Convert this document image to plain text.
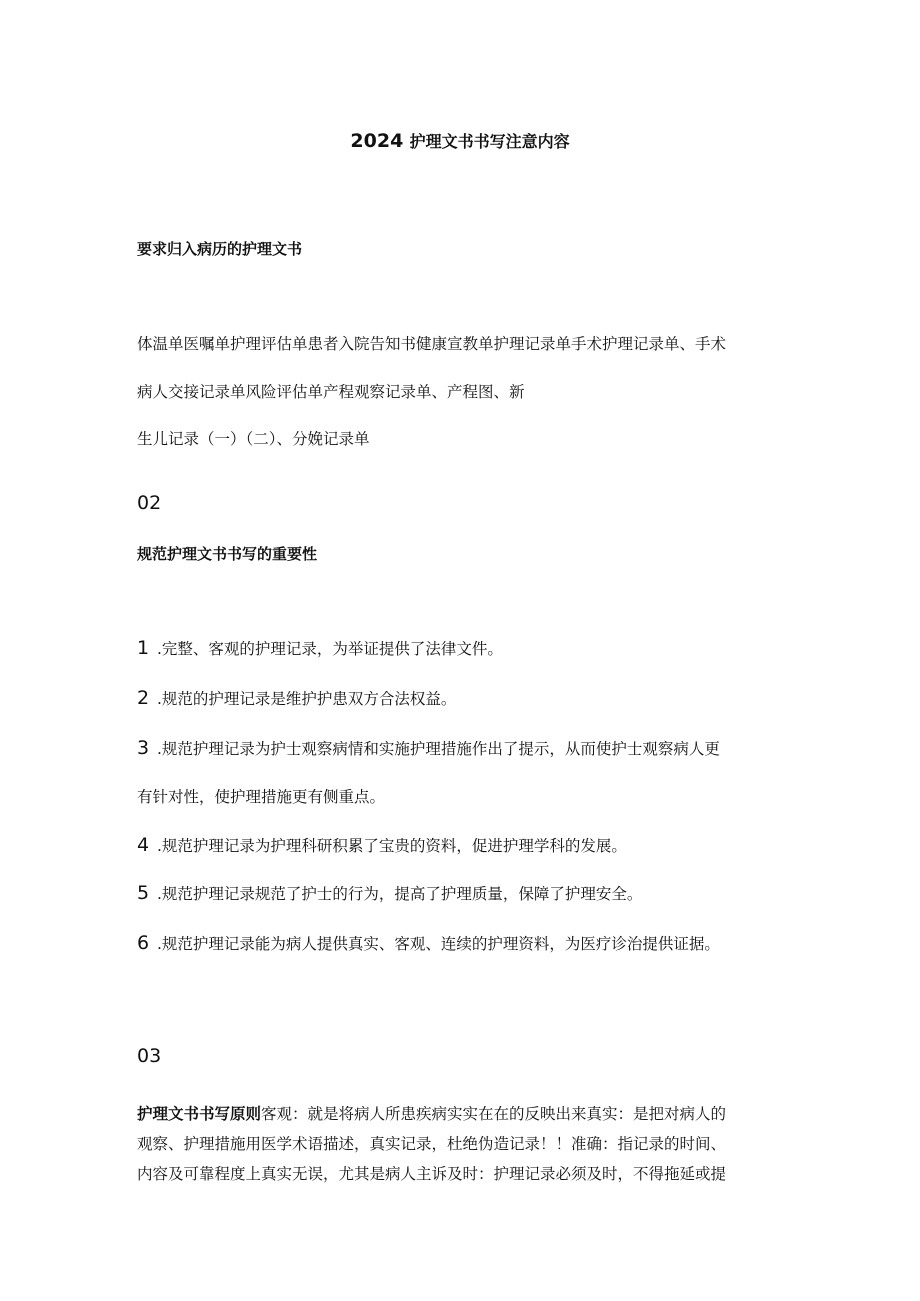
2024 护理文书书写注意内容
要求归入病历的护理文书
体温单医嘱单护理评估单患者入院告知书健康宣教单护理记录单手术护理记录单、手术
病人交接记录单风险评估单产程观察记录单、产程图、新
生儿记录（一）（二）、分娩记录单
02
规范护理文书书写的重要性
1 .完整、客观的护理记录，为举证提供了法律文件。
2 .规范的护理记录是维护护患双方合法权益。
3 .规范护理记录为护士观察病情和实施护理措施作出了提示，从而使护士观察病人更
有针对性，使护理措施更有侧重点。
4 .规范护理记录为护理科研积累了宝贵的资料，促进护理学科的发展。
5 .规范护理记录规范了护士的行为，提高了护理质量，保障了护理安全。
6 .规范护理记录能为病人提供真实、客观、连续的护理资料，为医疗诊治提供证据。
03
护理文书书写原则客观：就是将病人所患疾病实实在在的反映出来真实：是把对病人的
观察、护理措施用医学术语描述，真实记录，杜绝伪造记录！！准确：指记录的时间、
内容及可靠程度上真实无误，尤其是病人主诉及时：护理记录必须及时，不得拖延或提
